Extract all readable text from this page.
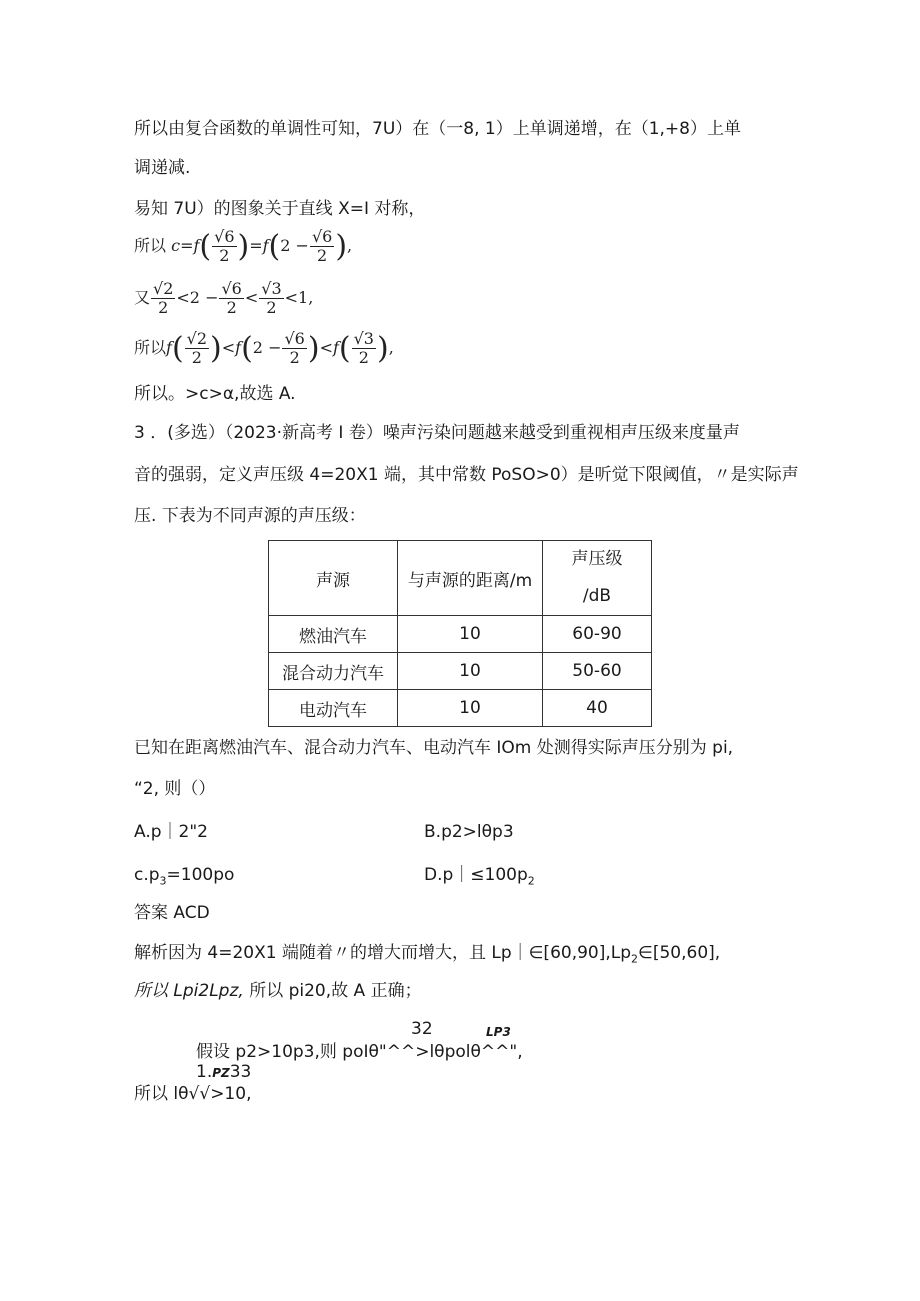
所以由复合函数的单调性可知，7U）在（一8, 1）上单调递增，在（1,+8）上单
调递减.
易知 7U）的图象关于直线 X=I 对称，
所以 $c=f( \frac{√6}{2} )=f(2 - \frac{√6}{2}$ ),
又 $\frac{√2}{2} <2 - \frac{√6}{2} < \frac{√3}{2} <1$,
所以$f( \frac{√2}{2} )<f(2 - \frac{√6}{2} )<f( \frac{√3}{2}$ ),
所以。>c>α,故选 A.
3 ．(多选）（2023·新高考 I 卷）噪声污染问题越来越受到重视相声压级来度量声
音的强弱，定义声压级 4=20X1 端，其中常数 PoSO>0）是听觉下限阈值，〃是实际声
压. 下表为不同声源的声压级：
声源	与声源的距离/m	声压级
/dB

燃油汽车	10	60-90
混合动力汽车	10	50-60
电动汽车	10	40
已知在距离燃油汽车、混合动力汽车、电动汽车 IOm 处测得实际声压分别为 pi,
“2, 则（）
A.p｜2"2	B.p2>lθp3
$c.p_3=100po$	$D.p|\le 100p_2$
答案 ACD
解析因为 4=20X1 端随着〃的增大而增大，且 $Lp|\in[60,90],Lp_2\in[50,60]$,
所以 Lpi2Lpz, 所以 pi20,故 A 正确；
32	LP3
假设 p2>10p3,则 poIθ"^^>lθpolθ^^",
1.PZ33
所以 lθ√√>10,
